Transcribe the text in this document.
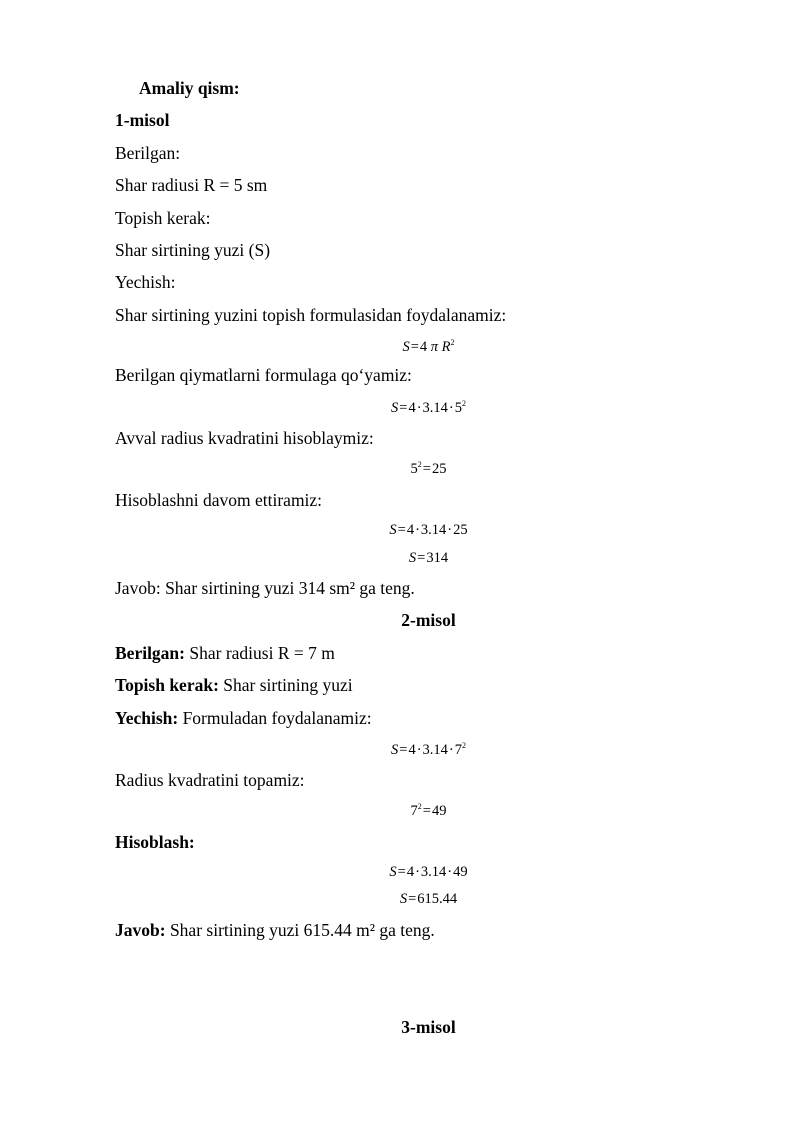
Amaliy qism:
1-misol
Berilgan:
Shar radiusi R = 5 sm
Topish kerak:
Shar sirtining yuzi (S)
Yechish:
Shar sirtining yuzini topish formulasidan foydalanamiz:
S=4 π $R^2$
Berilgan qiymatlarni formulaga qo‘yamiz:
$S=4\cdot 3.14\cdot 5^2$
Avval radius kvadratini hisoblaymiz:
$5^2=25$
Hisoblashni davom ettiramiz:
S=4·3.14·25
S=314
Javob: Shar sirtining yuzi 314 sm² ga teng.
2-misol
Berilgan: Shar radiusi R = 7 m
Topish kerak: Shar sirtining yuzi
Yechish: Formuladan foydalanamiz:
$S=4\cdot 3.14\cdot 7^2$
Radius kvadratini topamiz:
$7^2=49$
Hisoblash:
S=4·3.14·49
S=615.44
Javob: Shar sirtining yuzi 615.44 m² ga teng.
3-misol
